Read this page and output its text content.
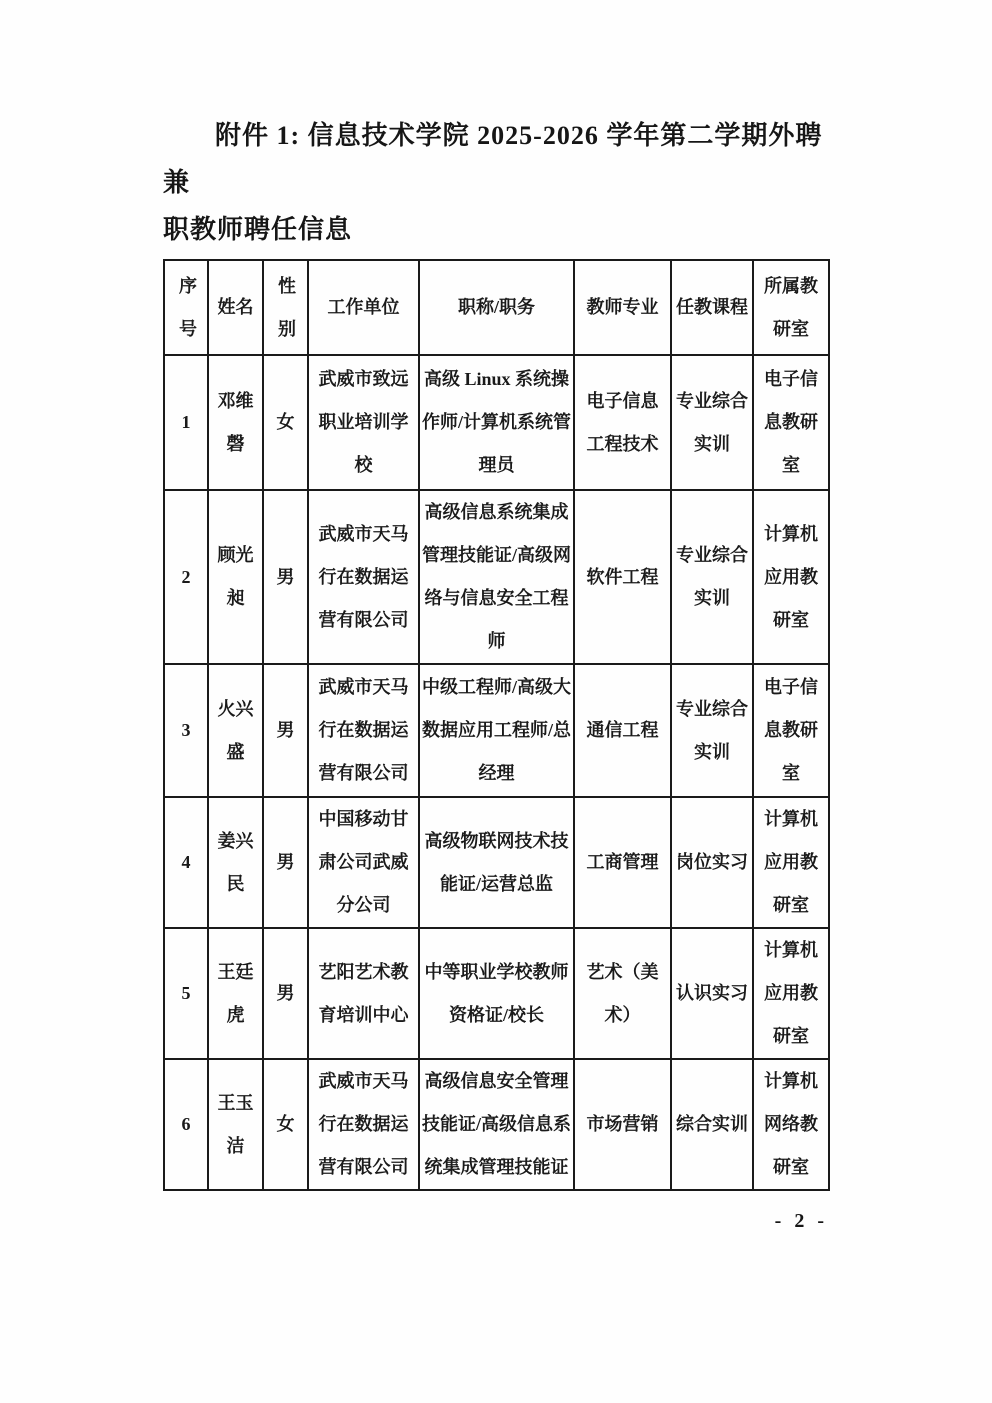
附件 1: 信息技术学院 2025-2026 学年第二学期外聘兼
职教师聘任信息
序号	姓名	性别	工作单位	职称/职务	教师专业	任教课程	所属教研室
1	邓维磬	女	武威市致远职业培训学校	高级 Linux 系统操作师/计算机系统管理员	电子信息工程技术	专业综合实训	电子信息教研室
2	顾光昶	男	武威市天马行在数据运营有限公司	高级信息系统集成管理技能证/高级网络与信息安全工程师	软件工程	专业综合实训	计算机应用教研室
3	火兴盛	男	武威市天马行在数据运营有限公司	中级工程师/高级大数据应用工程师/总经理	通信工程	专业综合实训	电子信息教研室
4	姜兴民	男	中国移动甘肃公司武威分公司	高级物联网技术技能证/运营总监	工商管理	岗位实习	计算机应用教研室
5	王廷虎	男	艺阳艺术教育培训中心	中等职业学校教师资格证/校长	艺术（美术）	认识实习	计算机应用教研室
6	王玉洁	女	武威市天马行在数据运营有限公司	高级信息安全管理技能证/高级信息系统集成管理技能证	市场营销	综合实训	计算机网络教研室
- 2 -
